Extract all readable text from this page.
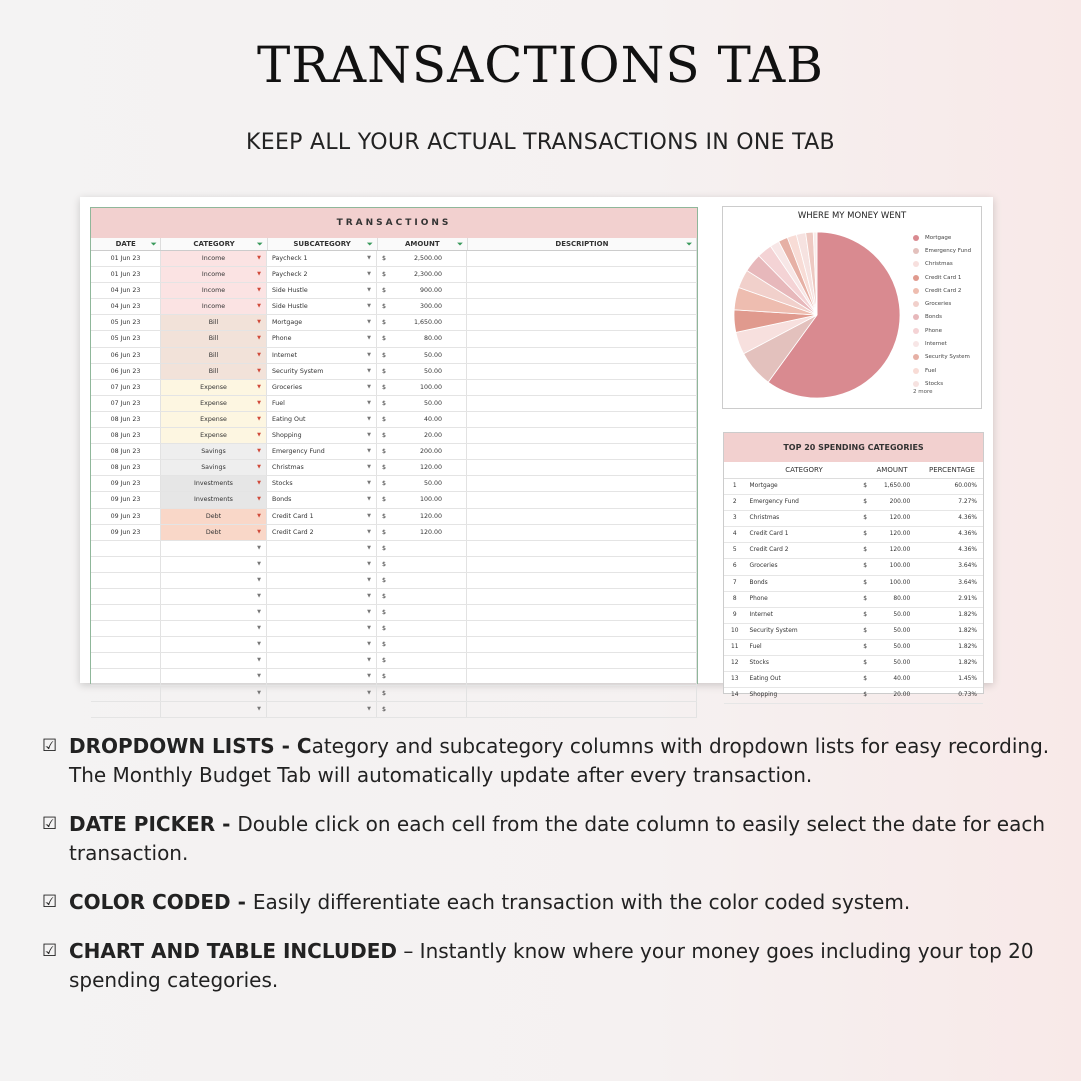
TRANSACTIONS TAB
KEEP ALL YOUR ACTUAL TRANSACTIONS IN ONE TAB
TRANSACTIONS
DATE ⏷	CATEGORY	⏷	SUBCATEGORY ⏷	AMOUNT	⏷	DESCRIPTION	⏷
01 Jun 23	Income	▼	Paycheck 1	▼ $	2,500.00
01 Jun 23	Income	▼	Paycheck 2	▼ $	2,300.00
04 Jun 23	Income	▼	Side Hustle	▼ $	900.00
04 Jun 23	Income	▼	Side Hustle	▼ $	300.00
05 Jun 23	Bill	▼	Mortgage	▼ $	1,650.00
05 Jun 23	Bill	▼	Phone	▼ $	80.00
06 Jun 23	Bill	▼	Internet	▼ $	50.00
06 Jun 23	Bill	▼	Security System	▼ $	50.00
07 Jun 23	Expense	▼	Groceries	▼ $	100.00
07 Jun 23	Expense	▼	Fuel	▼ $	50.00
08 Jun 23	Expense	▼	Eating Out	▼ $	40.00
08 Jun 23	Expense	▼	Shopping	▼ $	20.00
08 Jun 23	Savings	▼	Emergency Fund	▼ $	200.00
08 Jun 23	Savings	▼	Christmas	▼ $	120.00
09 Jun 23	Investments	▼	Stocks	▼ $	50.00
09 Jun 23	Investments	▼	Bonds	▼ $	100.00
09 Jun 23	Debt	▼	Credit Card 1	▼ $	120.00
09 Jun 23	Debt	▼	Credit Card 2	▼ $	120.00
▼	▼ $
▼	▼ $
▼	▼ $
▼	▼ $
▼	▼ $
▼	▼ $
▼	▼ $
▼	▼ $
▼	▼ $
▼	▼ $
▼	▼ $
WHERE MY MONEY WENT
Mortgage
Emergency Fund
Christmas
Credit Card 1
Credit Card 2
Groceries
Bonds
Phone
Internet
Security System
Fuel
Stocks
2 more
TOP 20 SPENDING CATEGORIES
CATEGORY	AMOUNT	PERCENTAGE
1	Mortgage	$	1,650.00	60.00%
2	Emergency Fund	$	200.00	7.27%
3	Christmas	$	120.00	4.36%
4	Credit Card 1	$	120.00	4.36%
5	Credit Card 2	$	120.00	4.36%
6	Groceries	$	100.00	3.64%
7	Bonds	$	100.00	3.64%
8	Phone	$	80.00	2.91%
9	Internet	$	50.00	1.82%
10	Security System	$	50.00	1.82%
11	Fuel	$	50.00	1.82%
12	Stocks	$	50.00	1.82%
13	Eating Out	$	40.00	1.45%
14	Shopping	$	20.00	0.73%
☑ DROPDOWN LISTS - Category and subcategory columns with dropdown lists for easy recording. The Monthly Budget Tab will automatically update after every transaction.
☑ DATE PICKER - Double click on each cell from the date column to easily select the date for each transaction.
☑ COLOR CODED - Easily differentiate each transaction with the color coded system.
☑ CHART AND TABLE INCLUDED – Instantly know where your money goes including your top 20 spending categories.
